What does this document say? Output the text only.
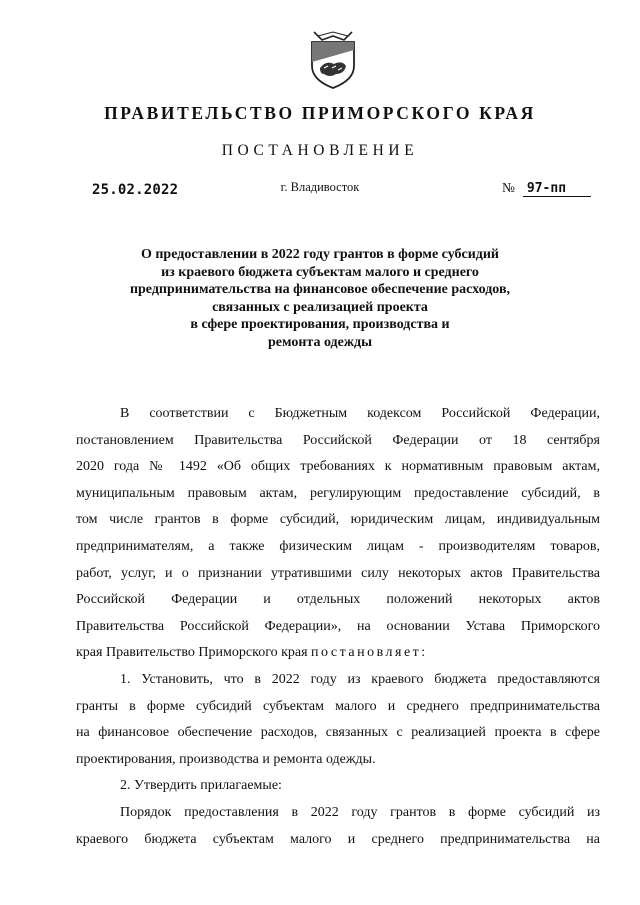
ПРАВИТЕЛЬСТВО ПРИМОРСКОГО КРАЯ
ПОСТАНОВЛЕНИЕ
25.02.2022	г. Владивосток	№ 97-пп
О предоставлении в 2022 году грантов в форме субсидий
из краевого бюджета субъектам малого и среднего
предпринимательства на финансовое обеспечение расходов,
связанных с реализацией проекта
в сфере проектирования, производства и
ремонта одежды
В соответствии с Бюджетным кодексом Российской Федерации,
постановлением Правительства Российской Федерации от 18 сентября
2020 года № 1492 «Об общих требованиях к нормативным правовым актам,
муниципальным правовым актам, регулирующим предоставление субсидий, в
том числе грантов в форме субсидий, юридическим лицам, индивидуальным
предпринимателям, а также физическим лицам - производителям товаров,
работ, услуг, и о признании утратившими силу некоторых актов Правительства
Российской Федерации и отдельных положений некоторых актов
Правительства Российской Федерации», на основании Устава Приморского
края Правительство Приморского края постановляет:
1. Установить, что в 2022 году из краевого бюджета предоставляются
гранты в форме субсидий субъектам малого и среднего предпринимательства
на финансовое обеспечение расходов, связанных с реализацией проекта в сфере
проектирования, производства и ремонта одежды.
2. Утвердить прилагаемые:
Порядок предоставления в 2022 году грантов в форме субсидий из
краевого бюджета субъектам малого и среднего предпринимательства на
